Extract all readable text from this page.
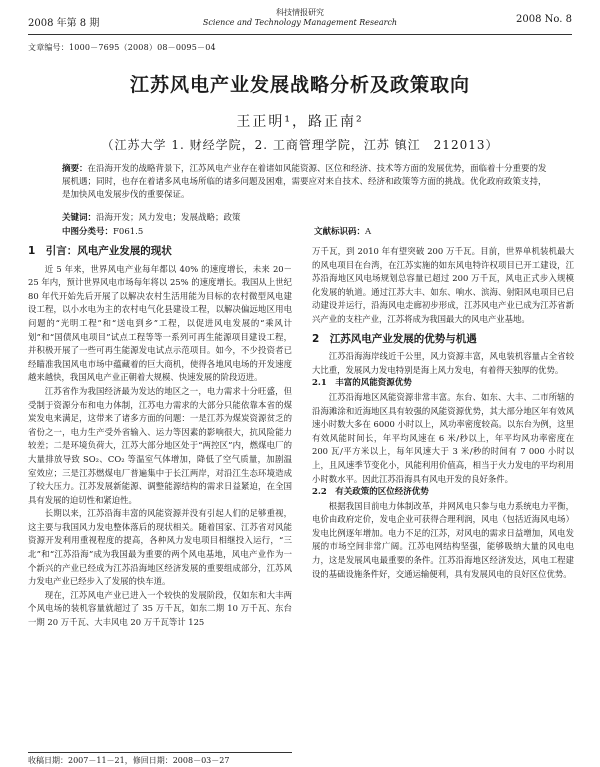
2008 年第 8 期
科技情报研究
Science and Technology Management Research	2008 No. 8
文章编号：1000－7695（2008）08－0095－04
江苏风电产业发展战略分析及政策取向
王正明¹，路正南²
（江苏大学 1. 财经学院，2. 工商管理学院，江苏 镇江　212013）
摘要：在沿海开发的战略背景下，江苏风电产业存在着诸如风能资源、区位和经济、技术等方面的发展优势，面临着十分重要的发展机遇；同时，也存在着诸多风电场所临的诸多问题及困难，需要应对来自技术、经济和政策等方面的挑战。优化政府政策支持，是加快风电发展步伐的重要保证。
关键词：沿海开发；风力发电；发展战略；政策
中图分类号：F061.5	文献标识码：A
1　引言：风电产业发展的现状

近 5 年来，世界风电产业每年都以 40% 的速度增长，未来 20－25 年内，预计世界风电市场每年将以 25% 的速度增长。我国从上世纪 80 年代开始先后开展了以解决农村生活用能为目标的农村微型风电建设工程，以小水电为主的农村电气化县建设工程，以解决偏远地区用电问题的“光明工程”和“送电到乡”工程，以促进风电发展的“乘风计划”和“国债风电项目”试点工程等等一系列可再生能源项目建设工程，并积极开展了一些可再生能源发电试点示范项目。如今，不少投资者已经瞄准我国风电市场中蕴藏着的巨大商机，使得各地风电场的开发速度越来越快，我国风电产业正朝着大规模、快速发展的阶段迈进。

江苏省作为我国经济最为发达的地区之一，电力需求十分旺盛，但受制于资源分布和电力体制，江苏电力需求的大部分只能依靠本省的煤炭发电来满足，这带来了诸多方面的问题：一是江苏为煤炭资源贫乏的省份之一，电力生产受外省输入、运力等因素的影响很大，抗风险能力较差；二是环境负荷大，江苏大部分地区处于“两控区”内，燃煤电厂的大量排放导致 SO₂、CO₂ 等温室气体增加，降低了空气质量，加剧温室效应；三是江苏燃煤电厂普遍集中于长江两岸，对沿江生态环境造成了较大压力。江苏发展新能源、调整能源结构的需求日益紧迫，在全国具有发展的迫切性和紧迫性。

长期以来，江苏沿海丰富的风能资源并没有引起人们的足够重视，这主要与我国风力发电整体落后的现状相关。随着国家、江苏省对风能资源开发利用重视程度的提高，各种风力发电项目相继投入运行，“三北”和“江苏沿海”成为我国最为重要的两个风电基地，风电产业作为一个新兴的产业已经成为江苏沿海地区经济发展的重要组成部分，江苏风力发电产业已经步入了发展的快车道。

现在，江苏风电产业已进入一个较快的发展阶段，仅如东和大丰两个风电场的装机容量就超过了 35 万千瓦，如东二期 10 万千瓦、东台一期 20 万千瓦、大丰风电 20 万千瓦等计 125

万千瓦，到 2010 年有望突破 200 万千瓦。目前，世界单机装机最大的风电项目在台湾，在江苏实施的如东风电特许权项目已开工建设，江苏沿海地区风电场规划总容量已超过 200 万千瓦，风电正式步入规模化发展的轨道。通过江苏大丰、如东、响水、滨海、射阳风电项目已启动建设并运行，沿海风电走廊初步形成，江苏风电产业已成为江苏省新兴产业的支柱产业，江苏将成为我国最大的风电产业基地。

2　江苏风电产业发展的优势与机遇

江苏沿海海岸线近千公里，风力资源丰富，风电装机容量占全省较大比重，发展风力发电特别是海上风力发电，有着得天独厚的优势。

2.1　丰富的风能资源优势

江苏沿海地区风能资源非常丰富。东台、如东、大丰、二市所辖的沿海滩涂和近海地区具有较强的风能资源优势，其大部分地区年有效风速小时数大多在 6000 小时以上，风功率密度较高。以东台为例，这里有效风能时间长，年平均风速在 6 米/秒以上，年平均风功率密度在 200 瓦/平方米以上，每年风速大于 3 米/秒的时间有 7 000 小时以上，且风速季节变化小，风能利用价值高，相当于火力发电的平均利用小时数水平。因此江苏沿海具有风电开发的良好条件。

2.2　有关政策的区位经济优势

根据我国目前电力体制改革，并网风电只参与电力系统电力平衡，电价由政府定价，发电企业可获得合理利润，风电（包括近海风电场）发电比例逐年增加。电力不足的江苏，对风电的需求日益增加，风电发展的市场空间非常广阔。江苏电网结构坚强，能够吸纳大量的风电电力，这是发展风电最重要的条件。江苏沿海地区经济发达，风电工程建设的基础设施条件好，交通运输便利，具有发展风电的良好区位优势。

收稿日期：2007－11－21，修回日期：2008－03－27
